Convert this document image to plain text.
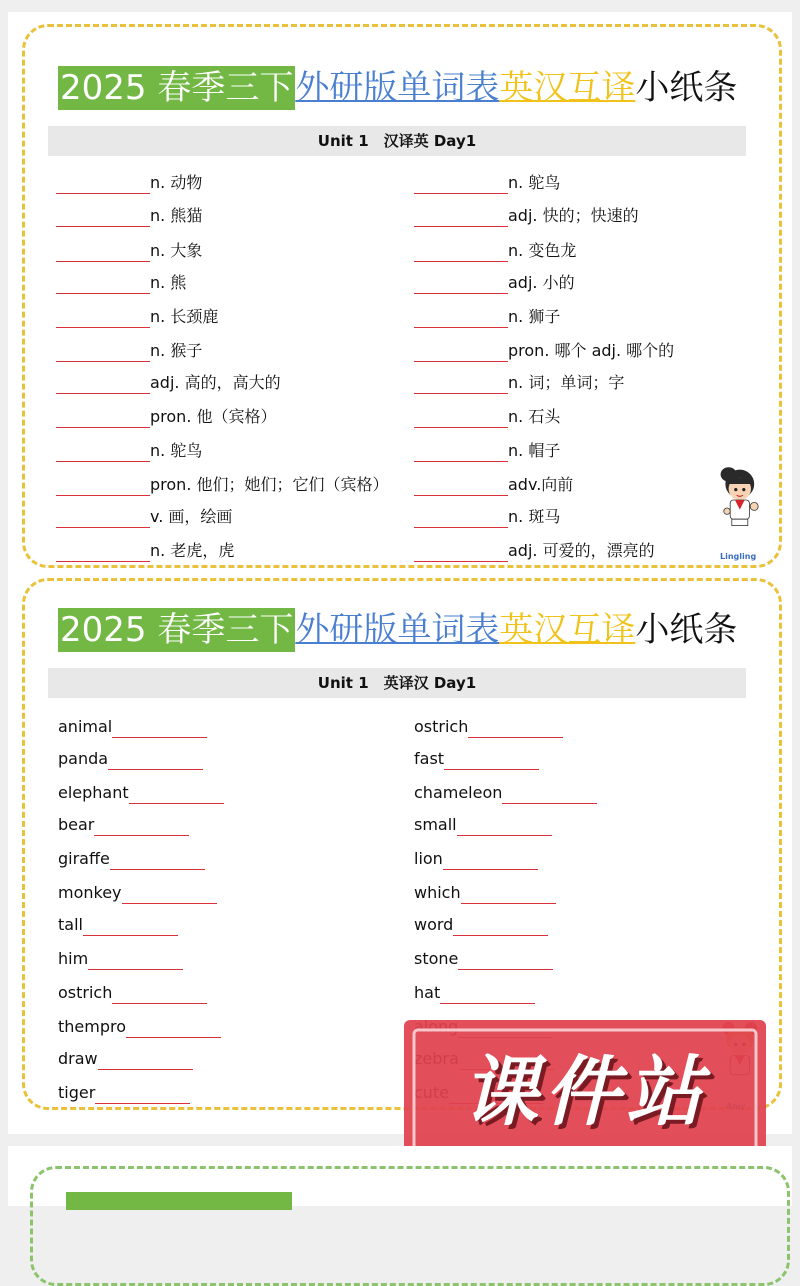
2025 春季三下外研版单词表英汉互译小纸条
Unit 1　汉译英 Day1
n. 动物
n. 熊猫
n. 大象
n. 熊
n. 长颈鹿
n. 猴子
adj. 高的，高大的
pron. 他（宾格）
n. 鸵鸟
pron. 他们；她们；它们（宾格）
v. 画，绘画
n. 老虎，虎
n. 鸵鸟
adj. 快的；快速的
n. 变色龙
adj. 小的
n. 狮子
pron. 哪个 adj. 哪个的
n. 词；单词；字
n. 石头
n. 帽子
adv.向前
n. 斑马
adj. 可爱的，漂亮的	Lingling
2025 春季三下外研版单词表英汉互译小纸条
Unit 1　英译汉 Day1
animal
panda
elephant
bear
giraffe
monkey
tall
him
ostrich
thempro
draw
tiger
ostrich
fast
chameleon
small
lion
which
word
stone
hat
课件站
